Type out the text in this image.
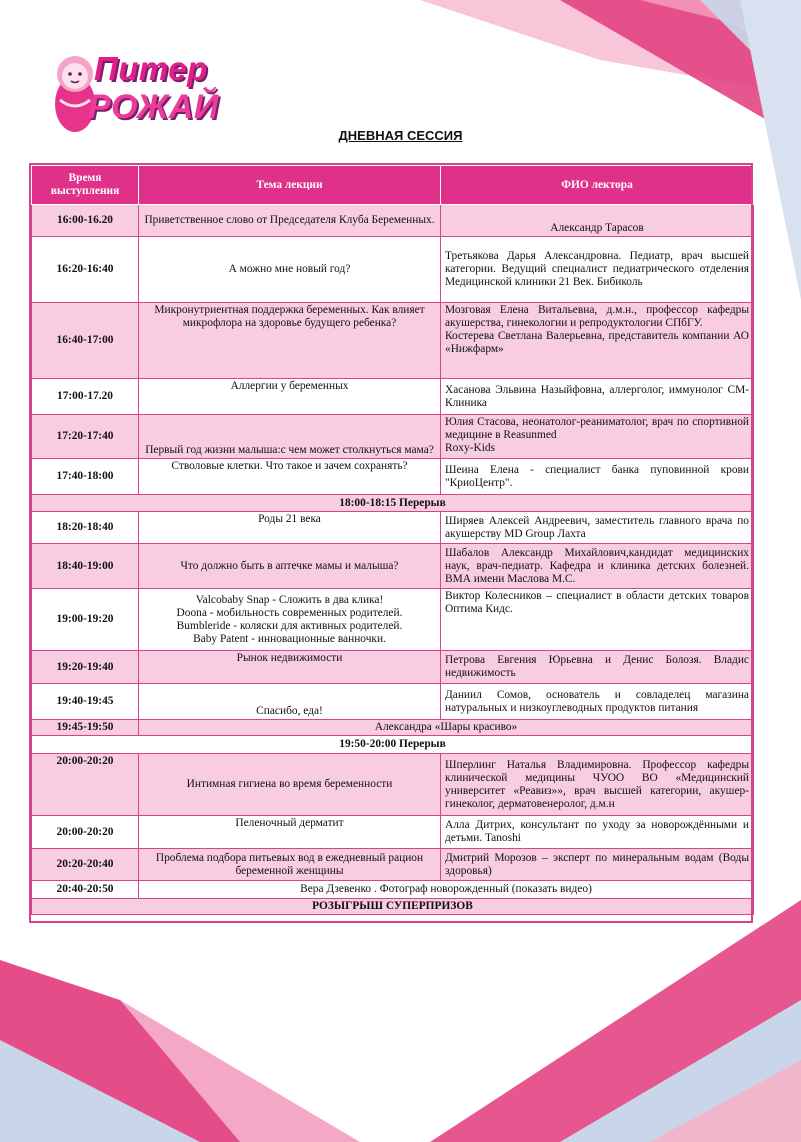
Питер
РОЖАЙ
ДНЕВНАЯ СЕССИЯ
Время выступления	Тема лекции	ФИО лектора
16:00-16.20	Приветственное слово от Председателя Клуба Беременных.	Александр Тарасов
16:20-16:40	А можно мне новый год?	Третьякова Дарья Александровна. Педиатр, врач высшей категории. Ведущий специалист педиатрического отделения Медицинской клиники 21 Век. Бибиколь
16:40-17:00	Микронутриентная поддержка беременных. Как влияет микрофлора на здоровье будущего ребенка?	Мозговая Елена Витальевна, д.м.н., профессор кафедры акушерства, гинекологии и репродуктологии СПбГУ.
Костерева Светлана Валерьевна, представитель компании АО «Нижфарм»

17:00-17.20	Аллергии у беременных	Хасанова Эльвина Назыйфовна, аллерголог, иммунолог СМ-Клиника
17:20-17:40	Первый год жизни малыша:с чем может столкнуться мама?	Юлия Стасова, неонатолог-реаниматолог, врач по спортивной медицине в Reasunmed
Roxy-Kids

17:40-18:00	Стволовые клетки. Что такое и зачем сохранять?	Шеина Елена - специалист банка пуповинной крови "КриоЦентр".
18:00-18:15 Перерыв		
18:20-18:40	Роды 21 века	Ширяев Алексей Андреевич, заместитель главного врача по акушерству MD Group Лахта
18:40-19:00	Что должно быть в аптечке мамы и малыша?	Шабалов Александр Михайлович,кандидат медицинских наук, врач-педиатр. Кафедра и клиника детских болезней. ВМА имени Маслова М.С.
19:00-19:20	Valcobaby Snap - Сложить в два клика!
Doona - мобильность современных родителей.
Bumbleride - коляски для активных родителей.
Baby Patent - инновационные ванночки.	Виктор Колесников – специалист в области детских товаров Оптима Кидс.
19:20-19:40	Рынок недвижимости	Петрова Евгения Юрьевна и Денис Болозя. Владис недвижимость
19:40-19:45	Спасибо, еда!	Даниил Сомов, основатель и совладелец магазина натуральных и низкоуглеводных продуктов питания
19:45-19:50	Александра «Шары красиво»	
19:50-20:00 Перерыв		
20:00-20:20	Интимная гигиена во время беременности	Шперлинг Наталья Владимировна. Профессор кафедры клинической медицины ЧУОО ВО «Медицинский университет «Реавиз»», врач высшей категории, акушер-гинеколог, дерматовенеролог, д.м.н
20:00-20:20	Пеленочный дерматит	Алла Дитрих, консультант по уходу за новорождёнными и детьми. Tanoshi
20:20-20:40	Проблема подбора питьевых вод в ежедневный рацион беременной женщины	Дмитрий Морозов – эксперт по минеральным водам (Воды здоровья)
20:40-20:50	Вера Дзевенко . Фотограф новорожденный (показать видео)	
РОЗЫГРЫШ СУПЕРПРИЗОВ		
